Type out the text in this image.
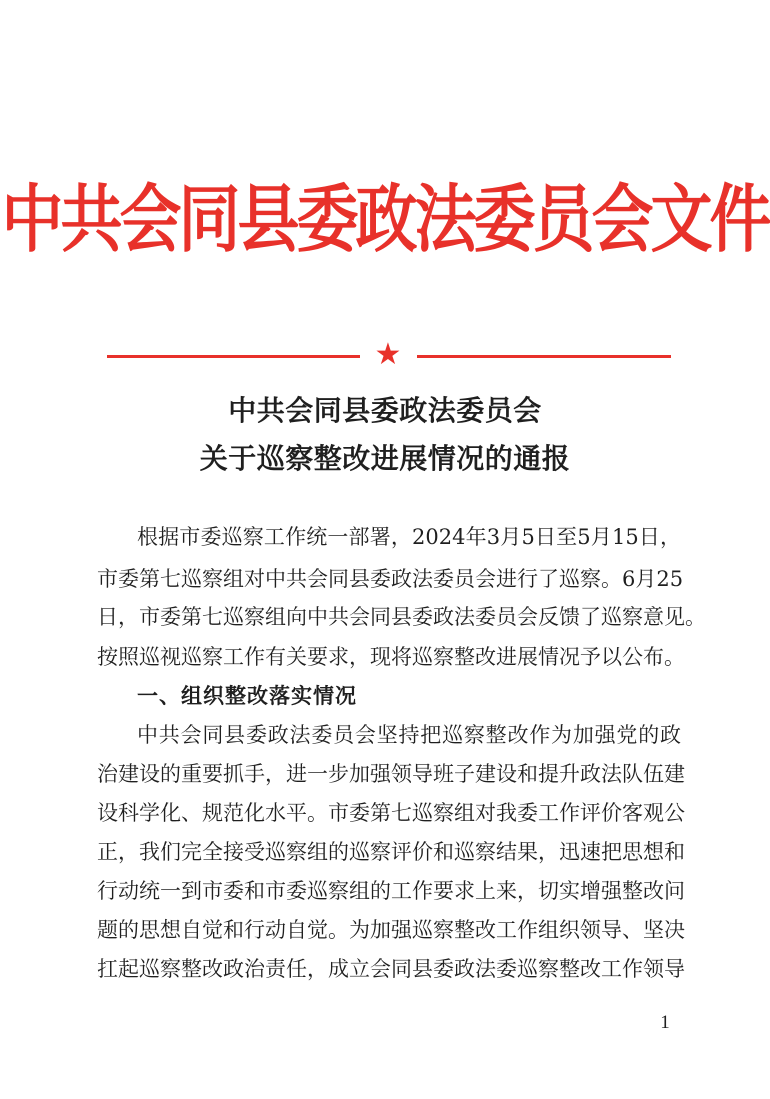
中共会同县委政法委员会文件
★
中共会同县委政法委员会
关于巡察整改进展情况的通报
根据市委巡察工作统一部署，2024年3月5日至5月15日，
市委第七巡察组对中共会同县委政法委员会进行了巡察。6月25
日，市委第七巡察组向中共会同县委政法委员会反馈了巡察意见。
按照巡视巡察工作有关要求，现将巡察整改进展情况予以公布。
一、组织整改落实情况
中共会同县委政法委员会坚持把巡察整改作为加强党的政
治建设的重要抓手，进一步加强领导班子建设和提升政法队伍建
设科学化、规范化水平。市委第七巡察组对我委工作评价客观公
正，我们完全接受巡察组的巡察评价和巡察结果，迅速把思想和
行动统一到市委和市委巡察组的工作要求上来，切实增强整改问
题的思想自觉和行动自觉。为加强巡察整改工作组织领导、坚决
扛起巡察整改政治责任，成立会同县委政法委巡察整改工作领导
1
